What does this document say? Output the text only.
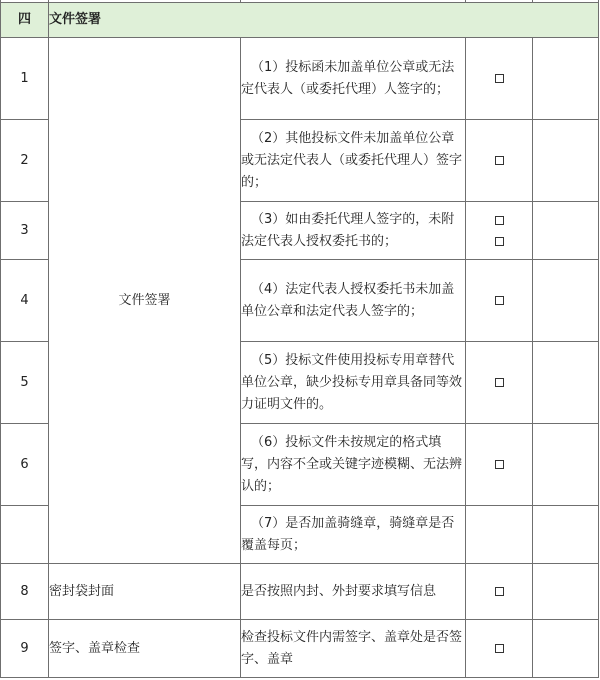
四	文件签署			
1	文件签署	（1）投标函未加盖单位公章或无法定代表人（或委托代理）人签字的；		

2		（2）其他投标文件未加盖单位公章或无法定代表人（或委托代理人）签字的；		

3		（3）如由委托代理人签字的，未附法定代表人授权委托书的；		

4		（4）法定代表人授权委托书未加盖单位公章和法定代表人签字的；		

5		（5）投标文件使用投标专用章替代单位公章，缺少投标专用章具备同等效力证明文件的。		

6		（6）投标文件未按规定的格式填写，内容不全或关键字迹模糊、无法辨认的；		

		（7）是否加盖骑缝章，骑缝章是否覆盖每页；		

8	密封袋封面	是否按照内封、外封要求填写信息		

9	签字、盖章检查	检查投标文件内需签字、盖章处是否签字、盖章		
